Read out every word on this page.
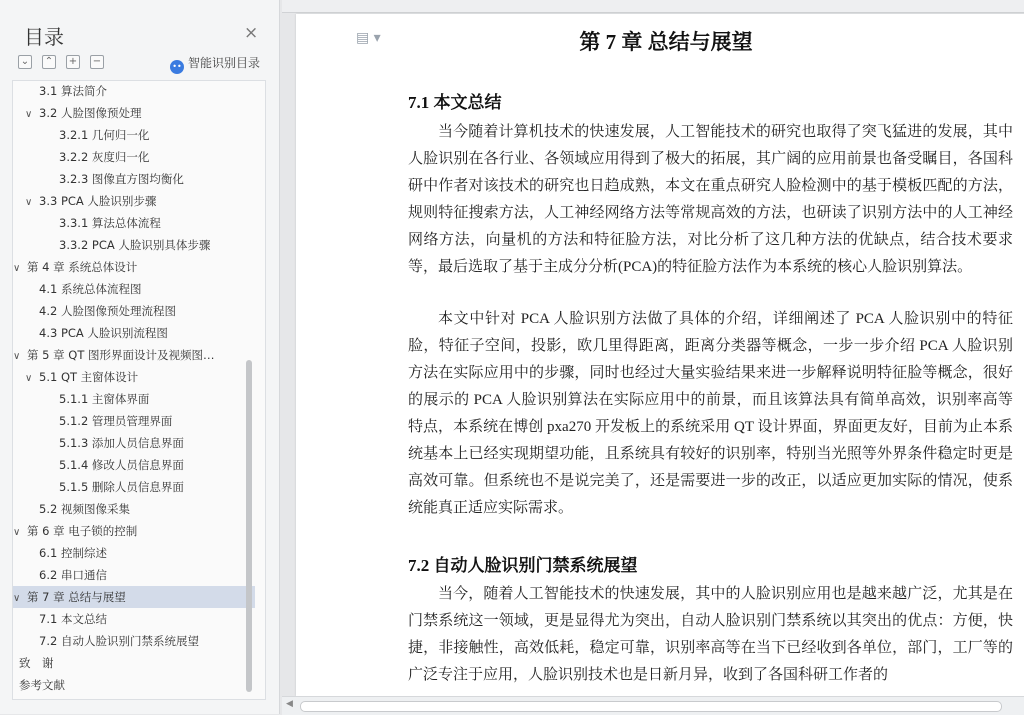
目录	×
⌄ ⌃ + −	•• 智能识别目录
3.1 算法简介
∨ 3.2 人脸图像预处理
3.2.1 几何归一化
3.2.2 灰度归一化
3.2.3 图像直方图均衡化
∨ 3.3 PCA 人脸识别步骤
3.3.1 算法总体流程
3.3.2 PCA 人脸识别具体步骤
∨ 第 4 章 系统总体设计
4.1 系统总体流程图
4.2 人脸图像预处理流程图
4.3 PCA 人脸识别流程图
∨ 第 5 章 QT 图形界面设计及视频图…
∨ 5.1 QT 主窗体设计
5.1.1 主窗体界面
5.1.2 管理员管理界面
5.1.3 添加人员信息界面
5.1.4 修改人员信息界面
5.1.5 删除人员信息界面
5.2 视频图像采集
∨ 第 6 章 电子锁的控制
6.1 控制综述
6.2 串口通信
∨ 第 7 章 总结与展望
7.1 本文总结
7.2 自动人脸识别门禁系统展望
致　谢
参考文献
▤ ▾	第 7 章 总结与展望
7.1 本文总结
当今随着计算机技术的快速发展，人工智能技术的研究也取得了突飞猛进的发展，其中人脸识别在各行业、各领域应用得到了极大的拓展，其广阔的应用前景也备受瞩目，各国科研中作者对该技术的研究也日趋成熟，本文在重点研究人脸检测中的基于模板匹配的方法，规则特征搜索方法，人工神经网络方法等常规高效的方法，也研读了识别方法中的人工神经网络方法，向量机的方法和特征脸方法，对比分析了这几种方法的优缺点，结合技术要求等，最后选取了基于主成分分析(PCA)的特征脸方法作为本系统的核心人脸识别算法。
本文中针对 PCA 人脸识别方法做了具体的介绍，详细阐述了 PCA 人脸识别中的特征脸，特征子空间，投影，欧几里得距离，距离分类器等概念，一步一步介绍 PCA 人脸识别方法在实际应用中的步骤，同时也经过大量实验结果来进一步解释说明特征脸等概念，很好的展示的 PCA 人脸识别算法在实际应用中的前景，而且该算法具有简单高效，识别率高等特点，本系统在博创 pxa270 开发板上的系统采用 QT 设计界面，界面更友好，目前为止本系统基本上已经实现期望功能，且系统具有较好的识别率，特别当光照等外界条件稳定时更是高效可靠。但系统也不是说完美了，还是需要进一步的改正，以适应更加实际的情况，使系统能真正适应实际需求。
7.2 自动人脸识别门禁系统展望
当今，随着人工智能技术的快速发展，其中的人脸识别应用也是越来越广泛，尤其是在门禁系统这一领域，更是显得尤为突出，自动人脸识别门禁系统以其突出的优点：方便，快捷，非接触性，高效低耗，稳定可靠，识别率高等在当下已经收到各单位，部门，工厂等的广泛专注于应用，人脸识别技术也是日新月异，收到了各国科研工作者的
◀
